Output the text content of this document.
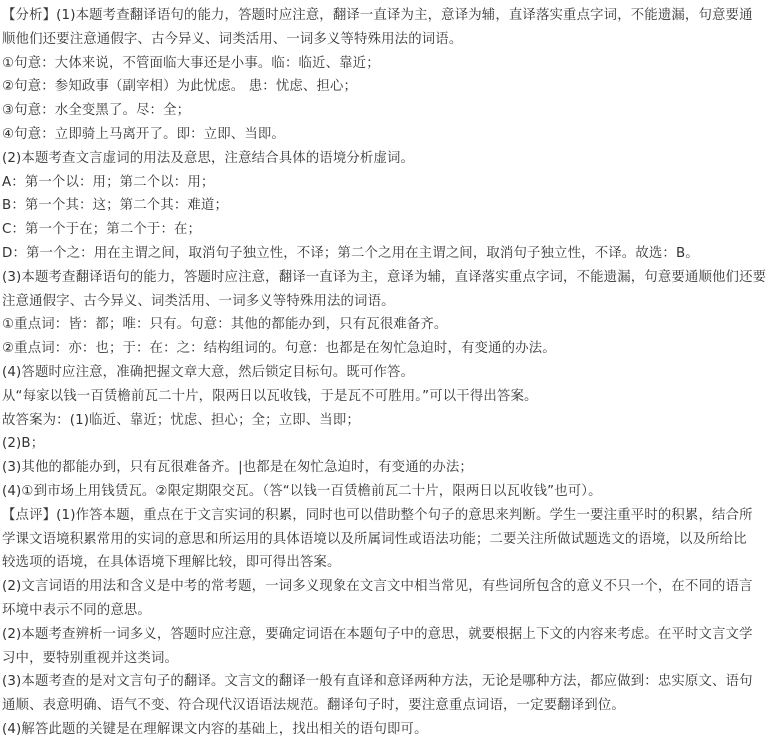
【分析】(1)本题考查翻译语句的能力，答题时应注意，翻译一直译为主，意译为辅，直译落实重点字词，不能遗漏，句意要通
顺他们还要注意通假字、古今异义、词类活用、一词多义等特殊用法的词语。
①句意：大体来说，不管面临大事还是小事。临：临近、靠近；
②句意：参知政事（副宰相）为此忧虑。 患：忧虑、担心；
③句意：水全变黑了。尽：全；
④句意：立即骑上马离开了。即：立即、当即。
(2)本题考查文言虚词的用法及意思，注意结合具体的语境分析虚词。
A：第一个以：用；第二个以：用；
B：第一个其：这；第二个其：难道；
C：第一个于在；第二个于：在；
D：第一个之：用在主谓之间，取消句子独立性，不译；第二个之用在主谓之间，取消句子独立性，不译。故选：B。
(3)本题考查翻译语句的能力，答题时应注意，翻译一直译为主，意译为辅，直译落实重点字词，不能遗漏，句意要通顺他们还要
注意通假字、古今异义、词类活用、一词多义等特殊用法的词语。
①重点词：皆：都；唯：只有。句意：其他的都能办到，只有瓦很难备齐。
②重点词：亦：也；于：在：之：结构组词的。句意：也都是在匆忙急迫时，有变通的办法。
(4)答题时应注意，准确把握文章大意，然后锁定目标句。既可作答。
从“每家以钱一百赁檐前瓦二十片，限两日以瓦收钱，于是瓦不可胜用。”可以干得出答案。
故答案为：(1)临近、靠近；忧虑、担心；全；立即、当即；
(2)B；
(3)其他的都能办到，只有瓦很难备齐。|也都是在匆忙急迫时，有变通的办法；
(4)①到市场上用钱赁瓦。②限定期限交瓦。（答“以钱一百赁檐前瓦二十片，限两日以瓦收钱”也可）。
【点评】(1)作答本题，重点在于文言实词的积累，同时也可以借助整个句子的意思来判断。学生一要注重平时的积累，结合所
学课文语境积累常用的实词的意思和所运用的具体语境以及所属词性或语法功能；二要关注所做试题选文的语境，以及所给比
较选项的语境，在具体语境下理解比较，即可得出答案。
(2)文言词语的用法和含义是中考的常考题，一词多义现象在文言文中相当常见，有些词所包含的意义不只一个，在不同的语言
环境中表示不同的意思。
(2)本题考查辨析一词多义，答题时应注意，要确定词语在本题句子中的意思，就要根据上下文的内容来考虑。在平时文言文学
习中，要特别重视并这类词。
(3)本题考查的是对文言句子的翻译。文言文的翻译一般有直译和意译两种方法，无论是哪种方法，都应做到：忠实原文、语句
通顺、表意明确、语气不变、符合现代汉语语法规范。翻译句子时，要注意重点词语，一定要翻译到位。
(4)解答此题的关键是在理解课文内容的基础上，找出相关的语句即可。
